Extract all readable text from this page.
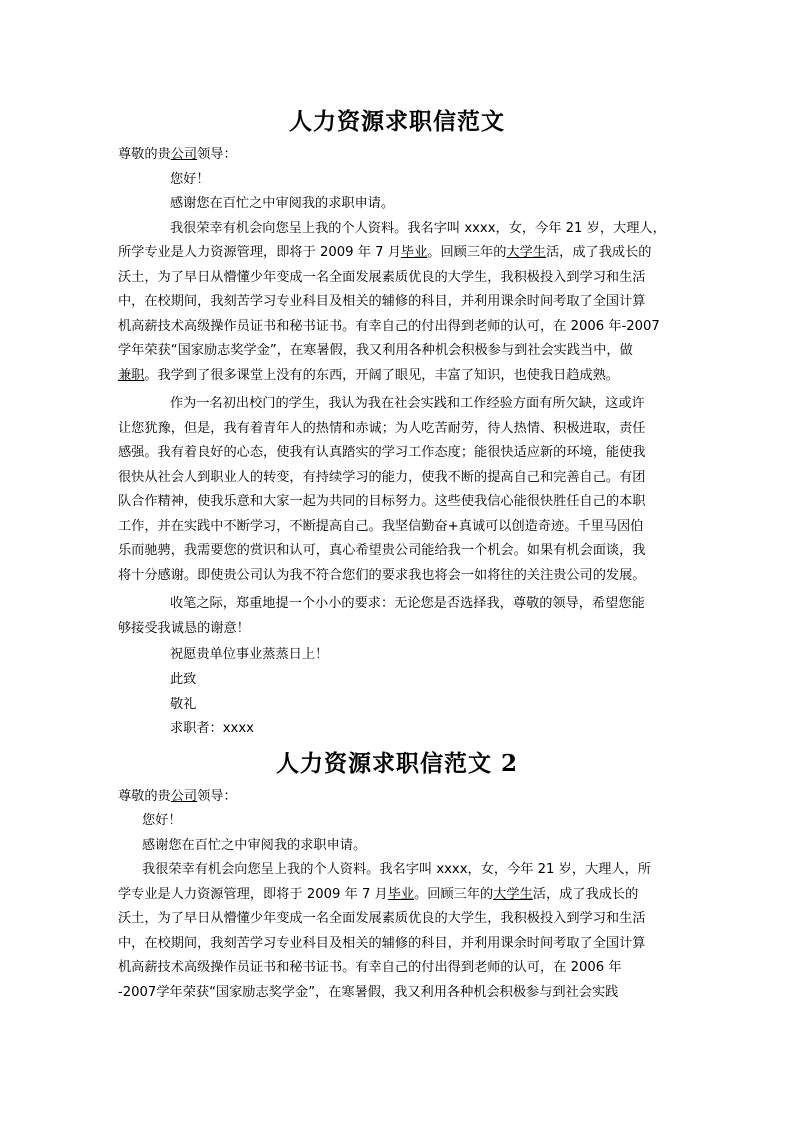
人力资源求职信范文
尊敬的贵公司领导：
您好！
感谢您在百忙之中审阅我的求职申请。
我很荣幸有机会向您呈上我的个人资料。我名字叫 xxxx，女，今年 21 岁，大理人，
所学专业是人力资源管理，即将于 2009 年 7 月毕业。回顾三年的大学生活，成了我成长的
沃土，为了早日从懵懂少年变成一名全面发展素质优良的大学生，我积极投入到学习和生活
中，在校期间，我刻苦学习专业科目及相关的辅修的科目，并利用课余时间考取了全国计算
机高薪技术高级操作员证书和秘书证书。有幸自己的付出得到老师的认可，在 2006 年-2007
学年荣获“国家励志奖学金”，在寒暑假，我又利用各种机会积极参与到社会实践当中，做
兼职。我学到了很多课堂上没有的东西，开阔了眼见，丰富了知识，也使我日趋成熟。
作为一名初出校门的学生，我认为我在社会实践和工作经验方面有所欠缺，这或许
让您犹豫，但是，我有着青年人的热情和赤诚；为人吃苦耐劳，待人热情、积极进取，责任
感强。我有着良好的心态，使我有认真踏实的学习工作态度；能很快适应新的环境，能使我
很快从社会人到职业人的转变，有持续学习的能力，使我不断的提高自己和完善自己。有团
队合作精神，使我乐意和大家一起为共同的目标努力。这些使我信心能很快胜任自己的本职
工作，并在实践中不断学习，不断提高自己。我坚信勤奋+真诚可以创造奇迹。千里马因伯
乐而驰骋，我需要您的赏识和认可，真心希望贵公司能给我一个机会。如果有机会面谈，我
将十分感谢。即使贵公司认为我不符合您们的要求我也将会一如将往的关注贵公司的发展。
收笔之际，郑重地提一个小小的要求：无论您是否选择我，尊敬的领导，希望您能
够接受我诚恳的谢意！
祝愿贵单位事业蒸蒸日上！
此致
敬礼
求职者：xxxx
人力资源求职信范文 2
尊敬的贵公司领导：
您好！
感谢您在百忙之中审阅我的求职申请。
我很荣幸有机会向您呈上我的个人资料。我名字叫 xxxx，女，今年 21 岁，大理人，所
学专业是人力资源管理，即将于 2009 年 7 月毕业。回顾三年的大学生活，成了我成长的
沃土，为了早日从懵懂少年变成一名全面发展素质优良的大学生，我积极投入到学习和生活
中，在校期间，我刻苦学习专业科目及相关的辅修的科目，并利用课余时间考取了全国计算
机高薪技术高级操作员证书和秘书证书。有幸自己的付出得到老师的认可，在 2006 年
-2007学年荣获“国家励志奖学金”，在寒暑假，我又利用各种机会积极参与到社会实践
